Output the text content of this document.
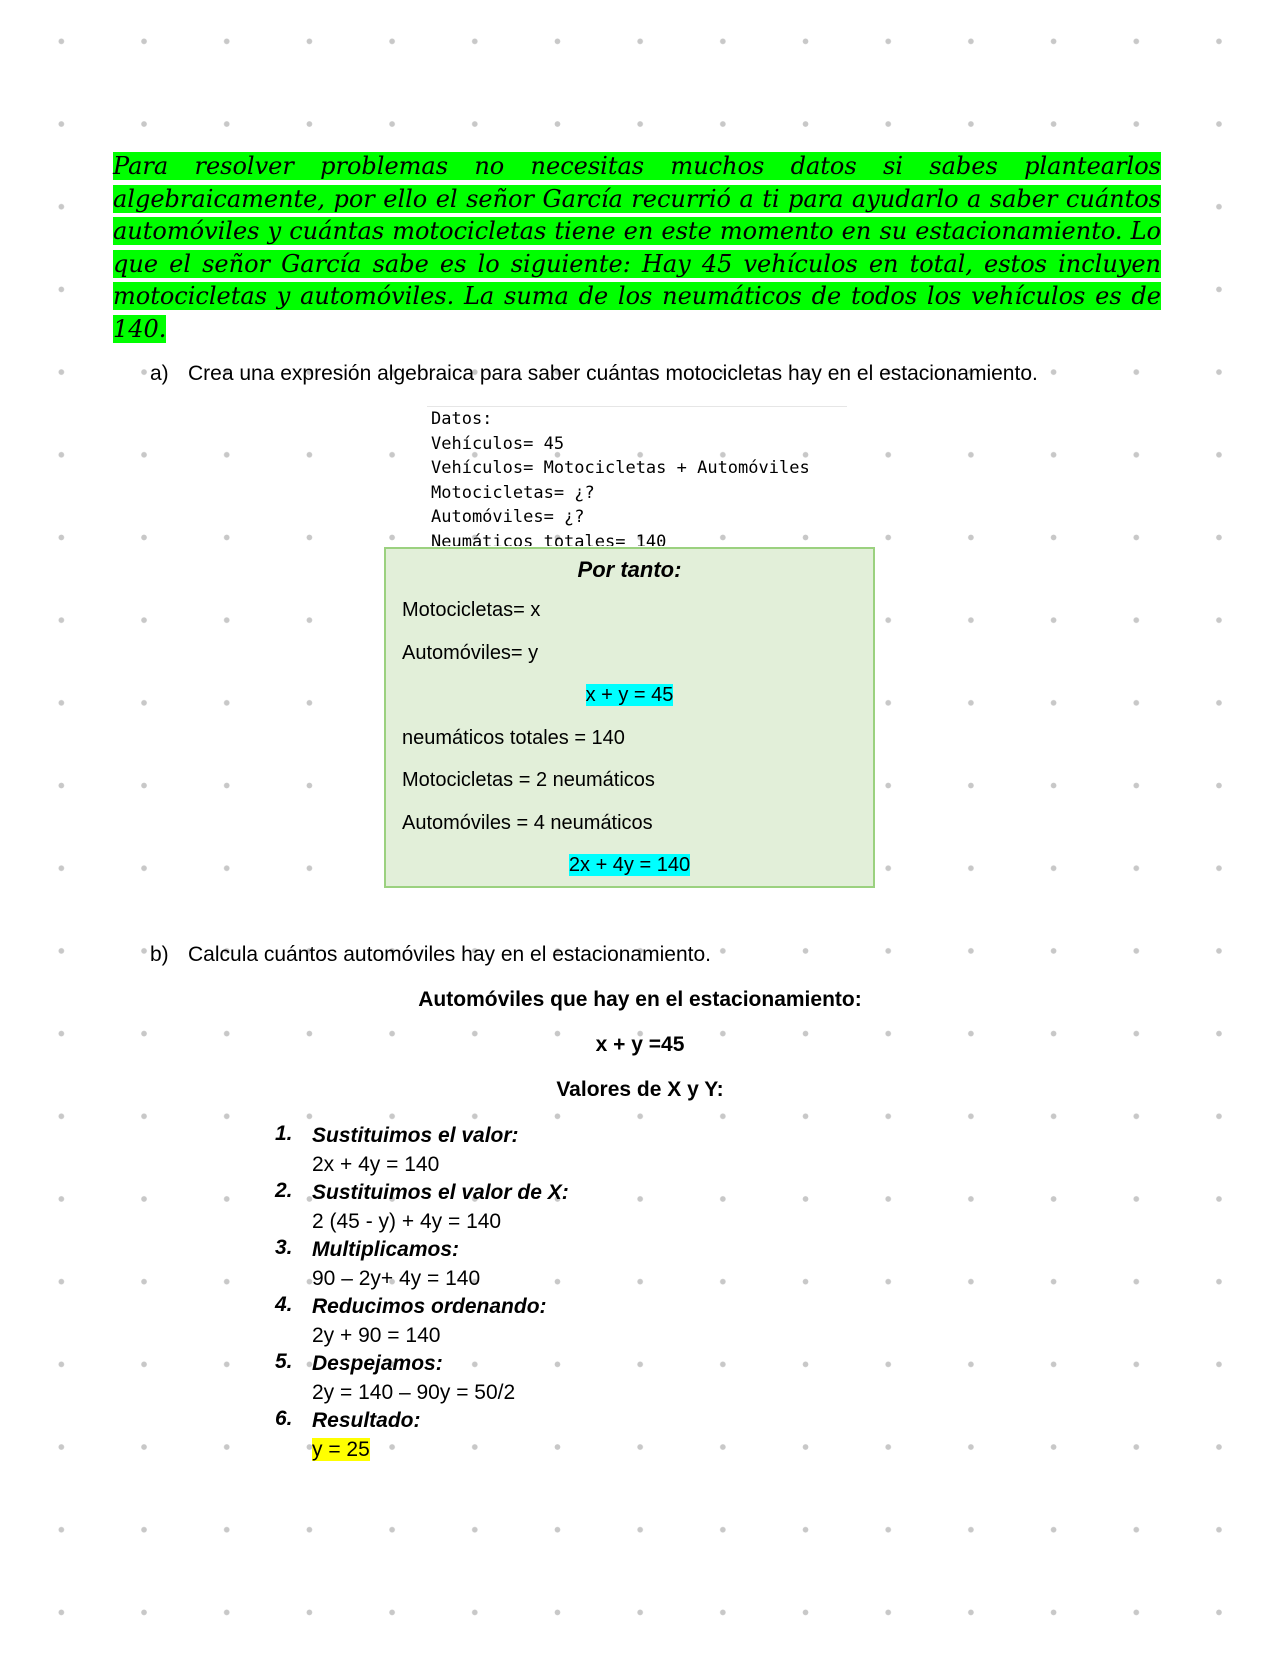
Para resolver problemas no necesitas muchos datos si sabes plantearlos algebraicamente, por ello el señor García recurrió a ti para ayudarlo a saber cuántos automóviles y cuántas motocicletas tiene en este momento en su estacionamiento. Lo que el señor García sabe es lo siguiente: Hay 45 vehículos en total, estos incluyen motocicletas y automóviles. La suma de los neumáticos de todos los vehículos es de 140.
a) Crea una expresión algebraica para saber cuántas motocicletas hay en el estacionamiento.
Datos:
Vehículos= 45
Vehículos= Motocicletas + Automóviles
Motocicletas= ¿?
Automóviles= ¿?
Neumáticos totales= 140
Por tanto:
Motocicletas= x
Automóviles= y
x + y = 45
neumáticos totales = 140
Motocicletas = 2 neumáticos
Automóviles = 4 neumáticos
2x + 4y = 140
b) Calcula cuántos automóviles hay en el estacionamiento.
Automóviles que hay en el estacionamiento:
x + y =45
Valores de X y Y:
1. Sustituimos el valor:
2x + 4y = 140
2. Sustituimos el valor de X:
2 (45 - y) + 4y = 140
3. Multiplicamos:
90 – 2y+ 4y = 140
4. Reducimos ordenando:
2y + 90 = 140
5. Despejamos:
2y = 140 – 90y = 50/2
6. Resultado:
y = 25
